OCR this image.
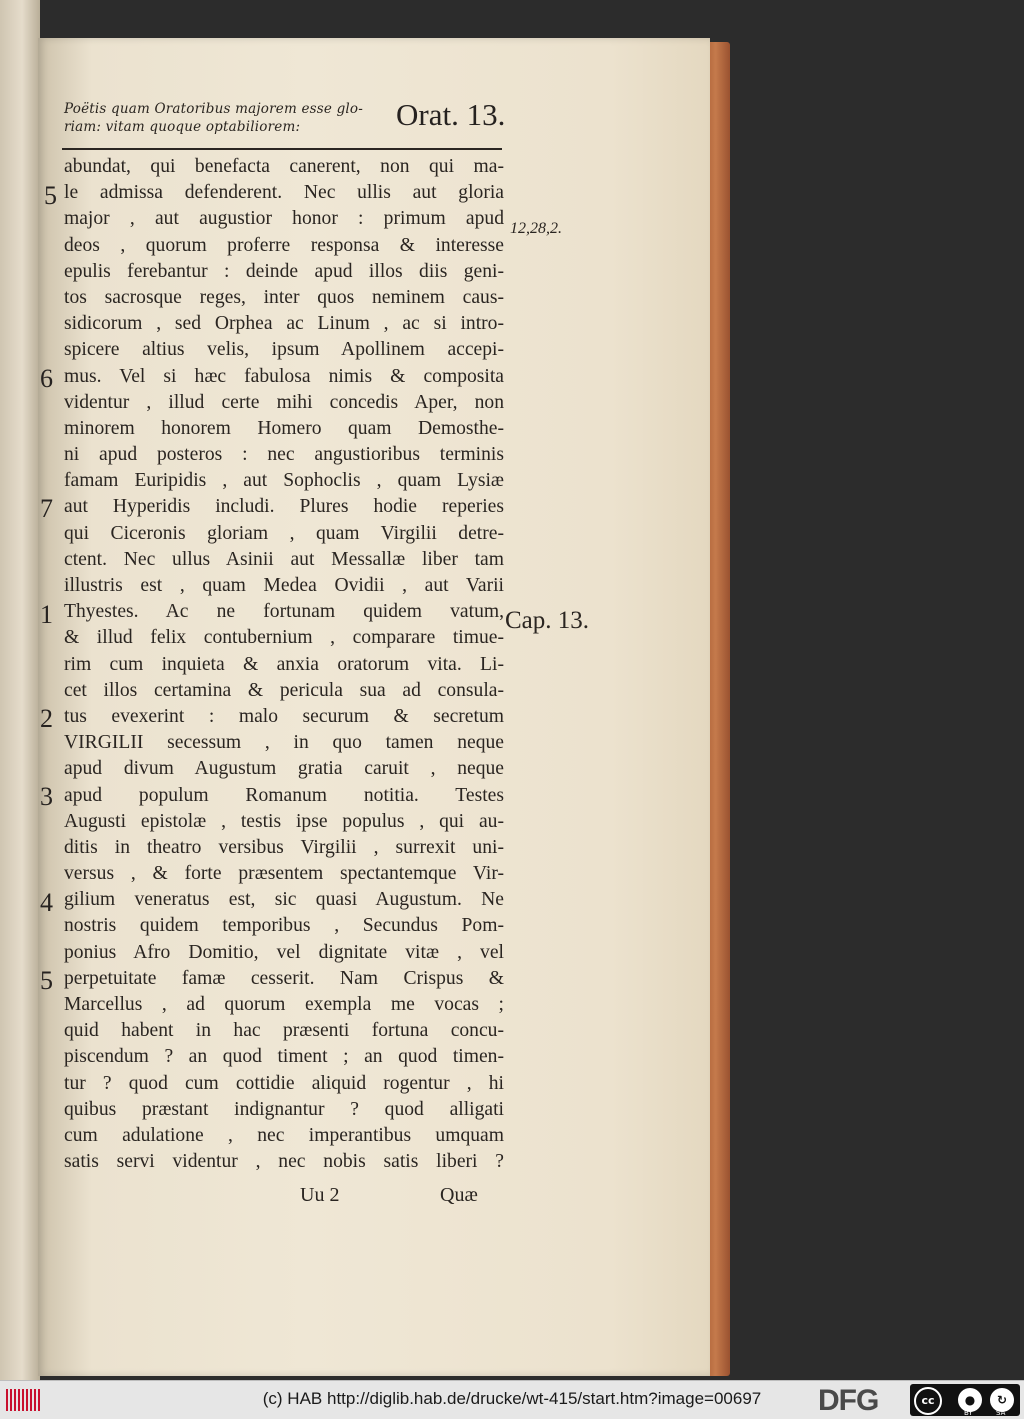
Poëtis quam Oratoribus majorem esse glo-
riam: vitam quoque optabiliorem:	Orat. 13.
abundat, qui benefacta canerent, non qui ma-
le admissa defenderent. Nec ullis aut gloria
major , aut augustior honor : primum apud
deos , quorum proferre responsa & interesse
epulis ferebantur : deinde apud illos diis geni-
tos sacrosque reges, inter quos neminem caus-
sidicorum , sed Orphea ac Linum , ac si intro-
spicere altius velis, ipsum Apollinem accepi-
mus. Vel si hæc fabulosa nimis & composita
videntur , illud certe mihi concedis Aper, non
minorem honorem Homero quam Demosthe-
ni apud posteros : nec angustioribus terminis
famam Euripidis , aut Sophoclis , quam Lysiæ
aut Hyperidis includi. Plures hodie reperies
qui Ciceronis gloriam , quam Virgilii detre-
ctent. Nec ullus Asinii aut Messallæ liber tam
illustris est , quam Medea Ovidii , aut Varii
Thyestes. Ac ne fortunam quidem vatum,
& illud felix contubernium , comparare timue-
rim cum inquieta & anxia oratorum vita. Li-
cet illos certamina & pericula sua ad consula-
tus evexerint : malo securum & secretum
VIRGILII secessum , in quo tamen neque
apud divum Augustum gratia caruit , neque
apud populum Romanum notitia. Testes
Augusti epistolæ , testis ipse populus , qui au-
ditis in theatro versibus Virgilii , surrexit uni-
versus , & forte præsentem spectantemque Vir-
gilium veneratus est, sic quasi Augustum. Ne
nostris quidem temporibus , Secundus Pom-
ponius Afro Domitio, vel dignitate vitæ , vel
perpetuitate famæ cesserit. Nam Crispus &
Marcellus , ad quorum exempla me vocas ;
quid habent in hac præsenti fortuna concu-
piscendum ? an quod timent ; an quod timen-
tur ? quod cum cottidie aliquid rogentur , hi
quibus præstant indignantur ? quod alligati
cum adulatione , nec imperantibus umquam
satis servi videntur , nec nobis satis liberi ?
5
6
7
1
2
3
4
5
12,28,2.
Cap. 13.
Uu 2	Quæ
(c) HAB http://diglib.hab.de/drucke/wt-415/start.htm?image=00697	DFG	cc	●	↻
BY	SA
